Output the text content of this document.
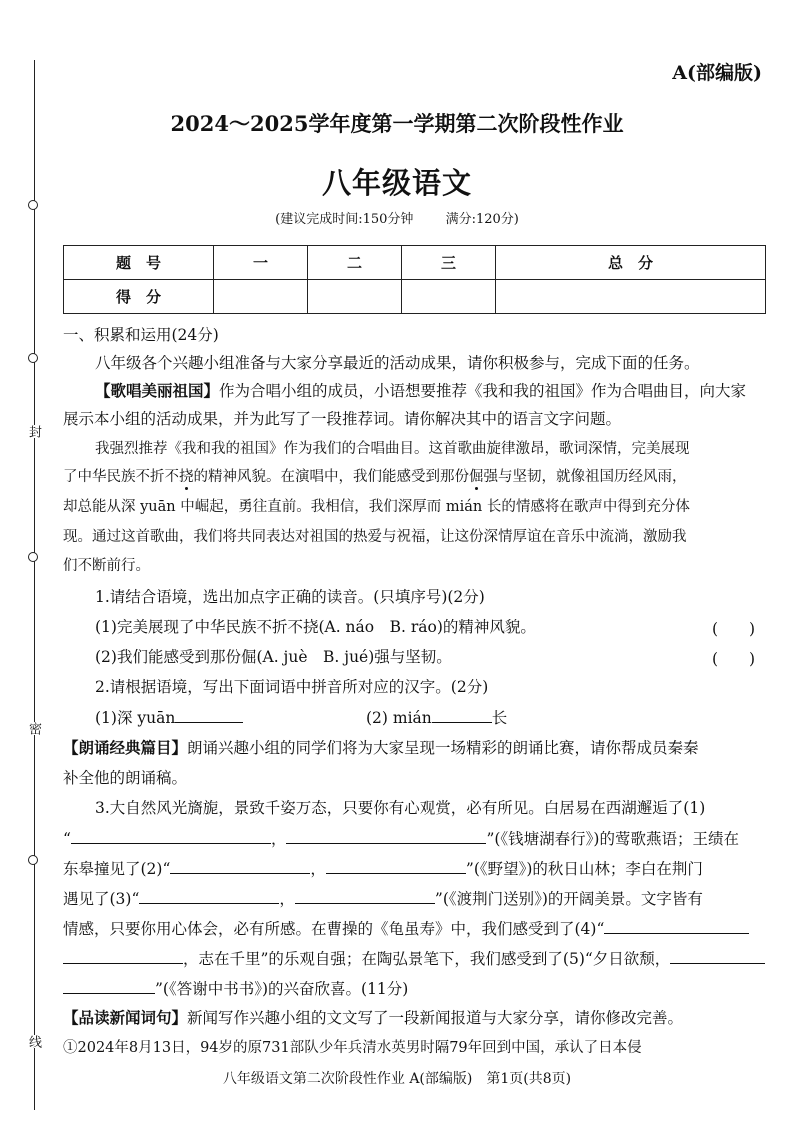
封
密
线
A(部编版)
2024～2025学年度第一学期第二次阶段性作业
八年级语文
(建议完成时间:150分钟 满分:120分)
题　号	一	二	三	总　分
得　分				
一、积累和运用(24分)
八年级各个兴趣小组准备与大家分享最近的活动成果，请你积极参与，完成下面的任务。
【歌唱美丽祖国】作为合唱小组的成员，小语想要推荐《我和我的祖国》作为合唱曲目，向大家
展示本小组的活动成果，并为此写了一段推荐词。请你解决其中的语言文字问题。
我强烈推荐《我和我的祖国》作为我们的合唱曲目。这首歌曲旋律激昂，歌词深情，完美展现
了中华民族不折不挠的精神风貌。在演唱中，我们能感受到那份倔强与坚韧，就像祖国历经风雨，
却总能从深 yuān 中崛起，勇往直前。我相信，我们深厚而 mián 长的情感将在歌声中得到充分体
现。通过这首歌曲，我们将共同表达对祖国的热爱与祝福，让这份深情厚谊在音乐中流淌，激励我
们不断前行。
1.请结合语境，选出加点字正确的读音。(只填序号)(2分)
(1)完美展现了中华民族不折不挠(A. náo　B. ráo)的精神风貌。	(　　)
(2)我们能感受到那份倔(A. juè　B. jué)强与坚韧。	(　　)
2.请根据语境，写出下面词语中拼音所对应的汉字。(2分)
(1)深 yuān	(2) mián	长
【朗诵经典篇目】朗诵兴趣小组的同学们将为大家呈现一场精彩的朗诵比赛，请你帮成员秦秦
补全他的朗诵稿。
3.大自然风光旖旎，景致千姿万态，只要你有心观赏，必有所见。白居易在西湖邂逅了(1)
“	，	”(《钱塘湖春行》)的莺歌燕语；王绩在
东皋撞见了(2)“	，	”(《野望》)的秋日山林；李白在荆门
遇见了(3)“	，	”(《渡荆门送别》)的开阔美景。文字皆有
情感，只要你用心体会，必有所感。在曹操的《龟虽寿》中，我们感受到了(4)“
，志在千里”的乐观自强；在陶弘景笔下，我们感受到了(5)“夕日欲颓，
”(《答谢中书书》)的兴奋欣喜。(11分)
【品读新闻词句】新闻写作兴趣小组的文文写了一段新闻报道与大家分享，请你修改完善。
①2024年8月13日，94岁的原731部队少年兵清水英男时隔79年回到中国，承认了日本侵
八年级语文第二次阶段性作业 A(部编版)　第1页(共8页)
